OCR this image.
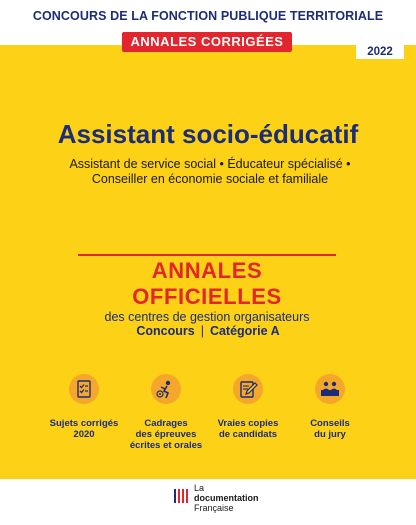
CONCOURS DE LA FONCTION PUBLIQUE TERRITORIALE
ANNALES CORRIGÉES
2022
Assistant socio-éducatif
Assistant de service social • Éducateur spécialisé •
Conseiller en économie sociale et familiale
ANNALES OFFICIELLES
des centres de gestion organisateurs
Concours | Catégorie A
Sujets corrigés
2020
Cadrages
des épreuves
écrites et orales
Vraies copies
de candidats
Conseils
du jury
La
documentation
Française
